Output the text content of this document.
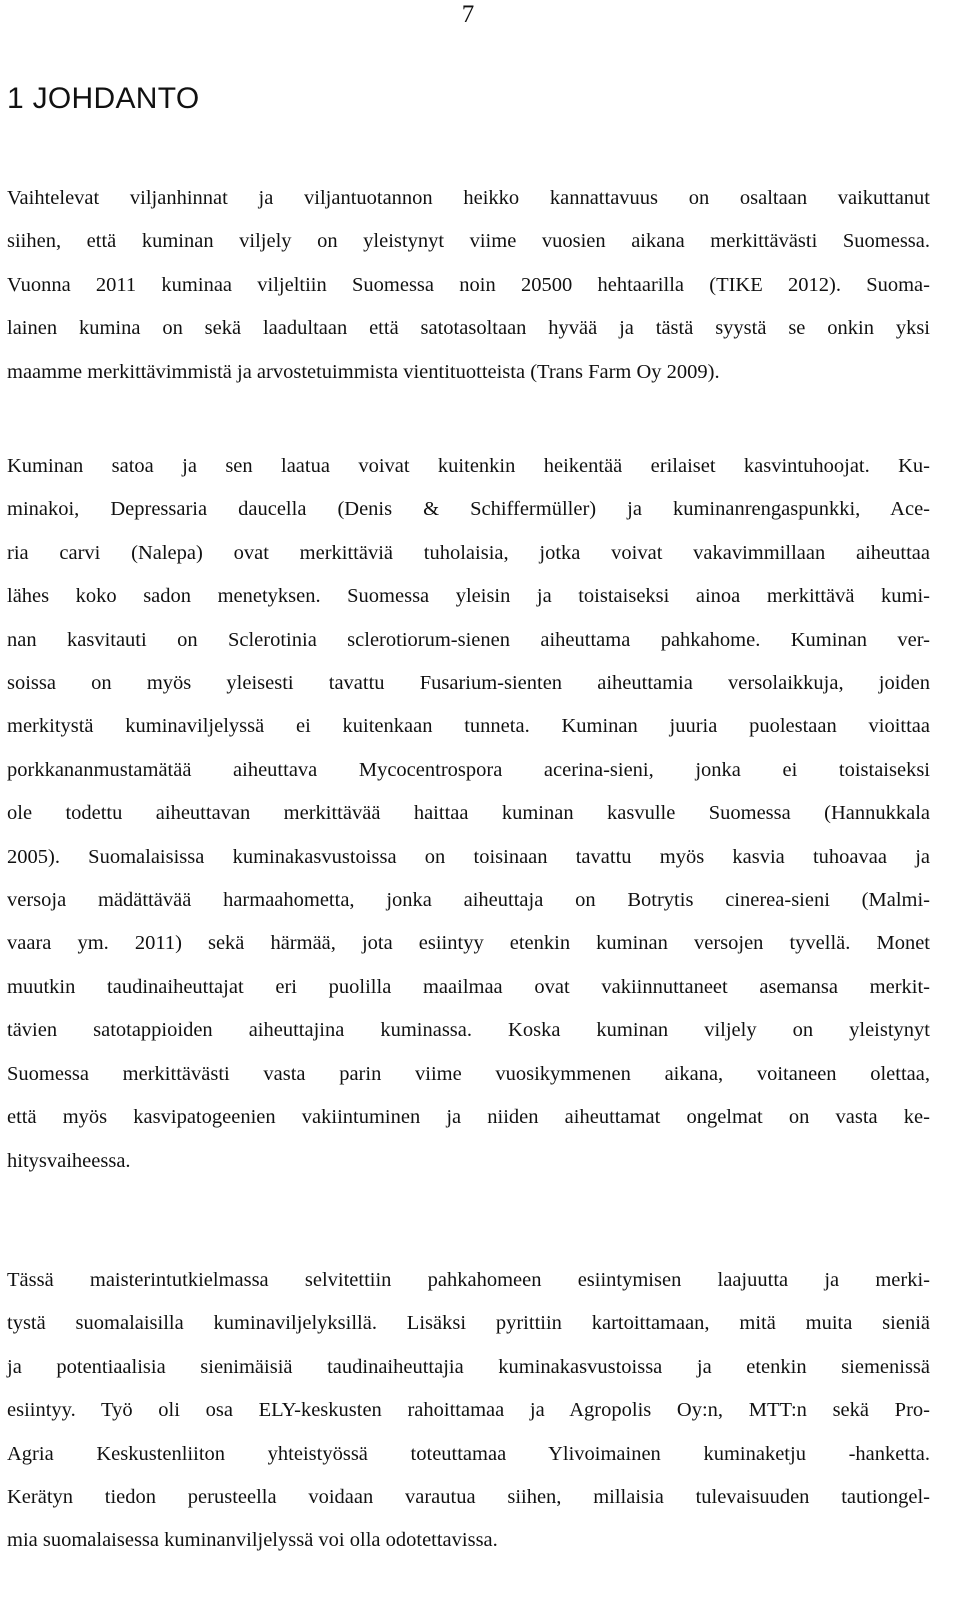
7
1 JOHDANTO
Vaihtelevat viljanhinnat ja viljantuotannon heikko kannattavuus on osaltaan vaikuttanut
siihen, että kuminan viljely on yleistynyt viime vuosien aikana merkittävästi Suomessa.
Vuonna 2011 kuminaa viljeltiin Suomessa noin 20500 hehtaarilla (TIKE 2012). Suoma-
lainen kumina on sekä laadultaan että satotasoltaan hyvää ja tästä syystä se onkin yksi
maamme merkittävimmistä ja arvostetuimmista vientituotteista (Trans Farm Oy 2009).
Kuminan satoa ja sen laatua voivat kuitenkin heikentää erilaiset kasvintuhoojat. Ku-
minakoi, Depressaria daucella (Denis & Schiffermüller) ja kuminanrengaspunkki, Ace-
ria carvi (Nalepa) ovat merkittäviä tuholaisia, jotka voivat vakavimmillaan aiheuttaa
lähes koko sadon menetyksen. Suomessa yleisin ja toistaiseksi ainoa merkittävä kumi-
nan kasvitauti on Sclerotinia sclerotiorum-sienen aiheuttama pahkahome. Kuminan ver-
soissa on myös yleisesti tavattu Fusarium-sienten aiheuttamia versolaikkuja, joiden
merkitystä kuminaviljelyssä ei kuitenkaan tunneta. Kuminan juuria puolestaan vioittaa
porkkananmustamätää aiheuttava Mycocentrospora acerina-sieni, jonka ei toistaiseksi
ole todettu aiheuttavan merkittävää haittaa kuminan kasvulle Suomessa (Hannukkala
2005). Suomalaisissa kuminakasvustoissa on toisinaan tavattu myös kasvia tuhoavaa ja
versoja mädättävää harmaahometta, jonka aiheuttaja on Botrytis cinerea-sieni (Malmi-
vaara ym. 2011) sekä härmää, jota esiintyy etenkin kuminan versojen tyvellä. Monet
muutkin taudinaiheuttajat eri puolilla maailmaa ovat vakiinnuttaneet asemansa merkit-
tävien satotappioiden aiheuttajina kuminassa. Koska kuminan viljely on yleistynyt
Suomessa merkittävästi vasta parin viime vuosikymmenen aikana, voitaneen olettaa,
että myös kasvipatogeenien vakiintuminen ja niiden aiheuttamat ongelmat on vasta ke-
hitysvaiheessa.
Tässä maisterintutkielmassa selvitettiin pahkahomeen esiintymisen laajuutta ja merki-
tystä suomalaisilla kuminaviljelyksillä. Lisäksi pyrittiin kartoittamaan, mitä muita sieniä
ja potentiaalisia sienimäisiä taudinaiheuttajia kuminakasvustoissa ja etenkin siemenissä
esiintyy. Työ oli osa ELY-keskusten rahoittamaa ja Agropolis Oy:n, MTT:n sekä Pro-
Agria Keskustenliiton yhteistyössä toteuttamaa Ylivoimainen kuminaketju -hanketta.
Kerätyn tiedon perusteella voidaan varautua siihen, millaisia tulevaisuuden tautiongel-
mia suomalaisessa kuminanviljelyssä voi olla odotettavissa.
